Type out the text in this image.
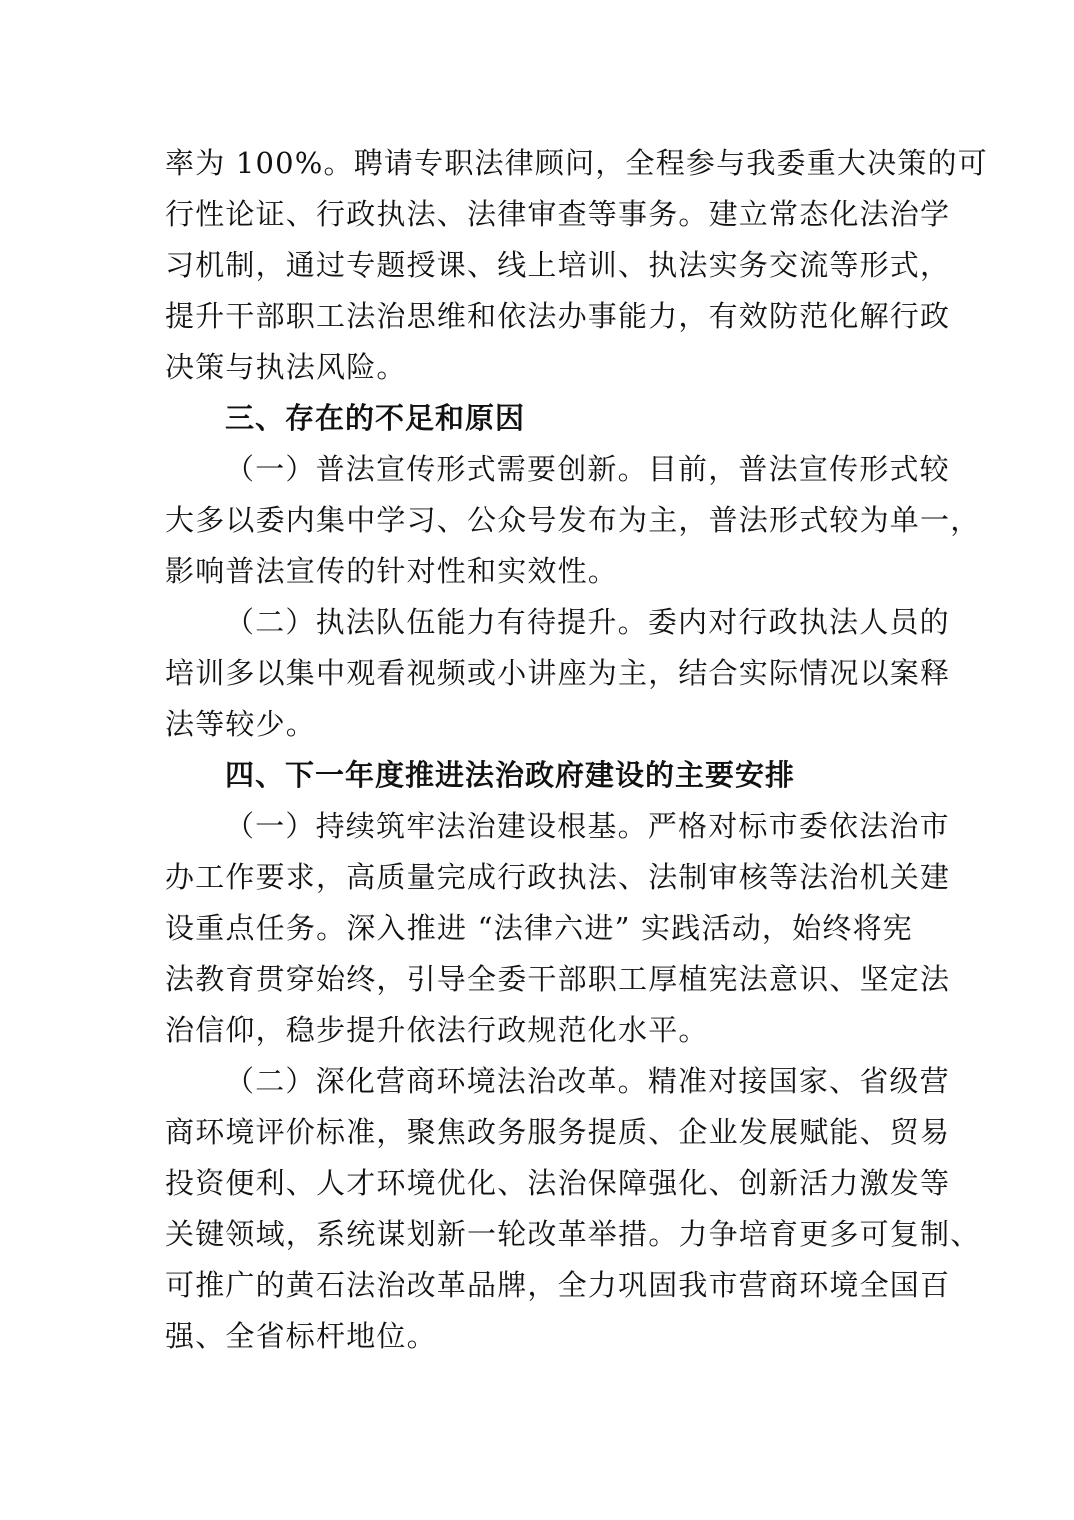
率为 100%。聘请专职法律顾问，全程参与我委重大决策的可
行性论证、行政执法、法律审查等事务。建立常态化法治学
习机制，通过专题授课、线上培训、执法实务交流等形式，
提升干部职工法治思维和依法办事能力，有效防范化解行政
决策与执法风险。
三、存在的不足和原因
（一）普法宣传形式需要创新。目前，普法宣传形式较
大多以委内集中学习、公众号发布为主，普法形式较为单一，
影响普法宣传的针对性和实效性。
（二）执法队伍能力有待提升。委内对行政执法人员的
培训多以集中观看视频或小讲座为主，结合实际情况以案释
法等较少。
四、下一年度推进法治政府建设的主要安排
（一）持续筑牢法治建设根基。严格对标市委依法治市
办工作要求，高质量完成行政执法、法制审核等法治机关建
设重点任务。深入推进 “法律六进” 实践活动，始终将宪
法教育贯穿始终，引导全委干部职工厚植宪法意识、坚定法
治信仰，稳步提升依法行政规范化水平。
（二）深化营商环境法治改革。精准对接国家、省级营
商环境评价标准，聚焦政务服务提质、企业发展赋能、贸易
投资便利、人才环境优化、法治保障强化、创新活力激发等
关键领域，系统谋划新一轮改革举措。力争培育更多可复制、
可推广的黄石法治改革品牌，全力巩固我市营商环境全国百
强、全省标杆地位。
